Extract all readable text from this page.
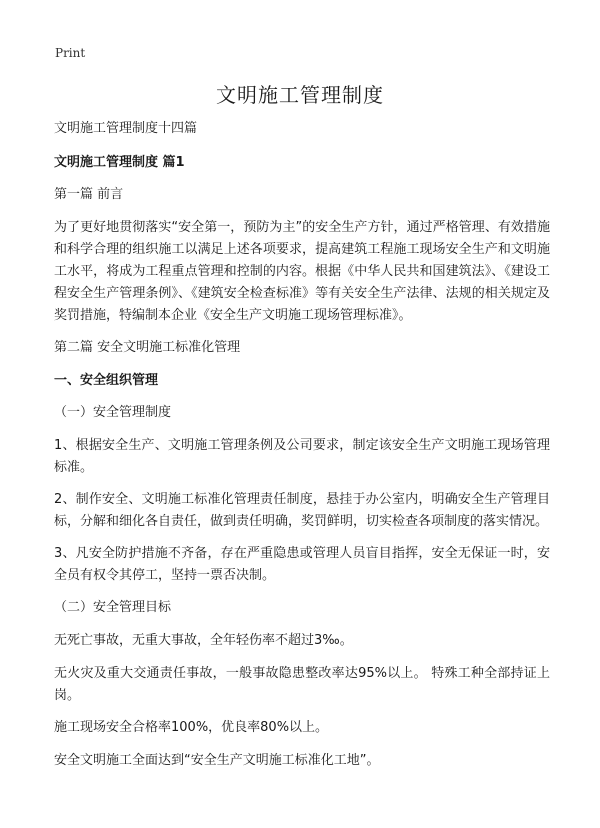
Print
文明施工管理制度

文明施工管理制度十四篇

文明施工管理制度 篇1

第一篇 前言

为了更好地贯彻落实“安全第一，预防为主”的安全生产方针，通过严格管理、有效措施和科学合理的组织施工以满足上述各项要求，提高建筑工程施工现场安全生产和文明施工水平，将成为工程重点管理和控制的内容。根据《中华人民共和国建筑法》、《建设工程安全生产管理条例》、《建筑安全检查标准》等有关安全生产法律、法规的相关规定及奖罚措施，特编制本企业《安全生产文明施工现场管理标准》。

第二篇 安全文明施工标准化管理

一、安全组织管理

（一）安全管理制度

1、根据安全生产、文明施工管理条例及公司要求，制定该安全生产文明施工现场管理标准。

2、制作安全、文明施工标准化管理责任制度，悬挂于办公室内，明确安全生产管理目标，分解和细化各自责任，做到责任明确，奖罚鲜明，切实检查各项制度的落实情况。

3、凡安全防护措施不齐备，存在严重隐患或管理人员盲目指挥，安全无保证一时，安全员有权令其停工，坚持一票否决制。

（二）安全管理目标

无死亡事故，无重大事故，全年轻伤率不超过3‰。

无火灾及重大交通责任事故，一般事故隐患整改率达95%以上。 特殊工种全部持证上岗。

施工现场安全合格率100%，优良率80%以上。

安全文明施工全面达到“安全生产文明施工标准化工地”。
